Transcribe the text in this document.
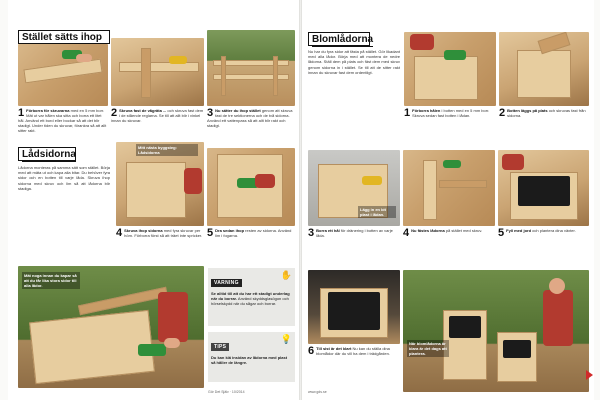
Stället sätts ihop
1 Förborra för skruvarna med en 5 mm borr. Mät ut var hålen ska sitta och borra ett litet hål. Använd ett bord eller bockar så att det blir stadigt. Under tiden du skruvar, förankra så att allt sitter rakt.
2 Skruva fast de vågräta ... och skruva fast dem i de stående reglarna. Se till att allt blir i vinkel innan du skruvar.
3 Nu sätter du ihop stället genom att skruva fast de tre sektionerna och de två sidorna. Använd ett vattenpass så att allt blir rakt och stadigt.
Lådsidorna
Lådorna monteras på samma sätt som stället. Börja med att mäta ut och kapa alla bitar. Du behöver fyra sidor och en botten till varje låda. Skruva ihop sidorna med skruv och lim så att lådorna blir stadiga.
Mitt nästa byggsteg: Lådsidorna
4 Skruva ihop sidorna med fyra skruvar per hörn. Förborra först så att träet inte spricker. 5 Dra sedan ihop resten av sidorna. Använd lim i fogarna.
Mät noga innan du kapar så att du får lika stora sidor till alla lådor.	VARNING
✋
Se alltid till att du har ett stadigt underlag när du borrar. Använd skyddsglasögon och hörselskydd när du sågar och borrar.
TIPS
💡
Du kan klä insidan av lådorna med plast så håller de längre.
Gör Det Själv · 10/2014
Blomlådorna
Nu har du fyra sidor att fästa på stället. Gör likadant med alla lådor. Börja med att montera de nedre lådorna. Ställ dem på plats och fäst dem med skruv genom sidorna in i stället. Se till att de sitter rakt innan du skruvar fast dem ordentligt.
1 Förborra hålen i botten med en 5 mm borr. Skruva sedan fast botten i lådan.	2 Botten läggs på plats och skruvas fast från sidorna.
Lägg in en bit plast i lådan.
3 Borra ett hål för dränering i botten av varje låda.	4 Nu fästes lådorna på stället med skruv.	5 Fyll med jord och plantera dina växter.
6 Till sist är det klart Nu kan du ställa dina blomlådor där du vill ha dem i trädgården.
När blomlådorna är klara är det dags att plantera.
www.gds.se
